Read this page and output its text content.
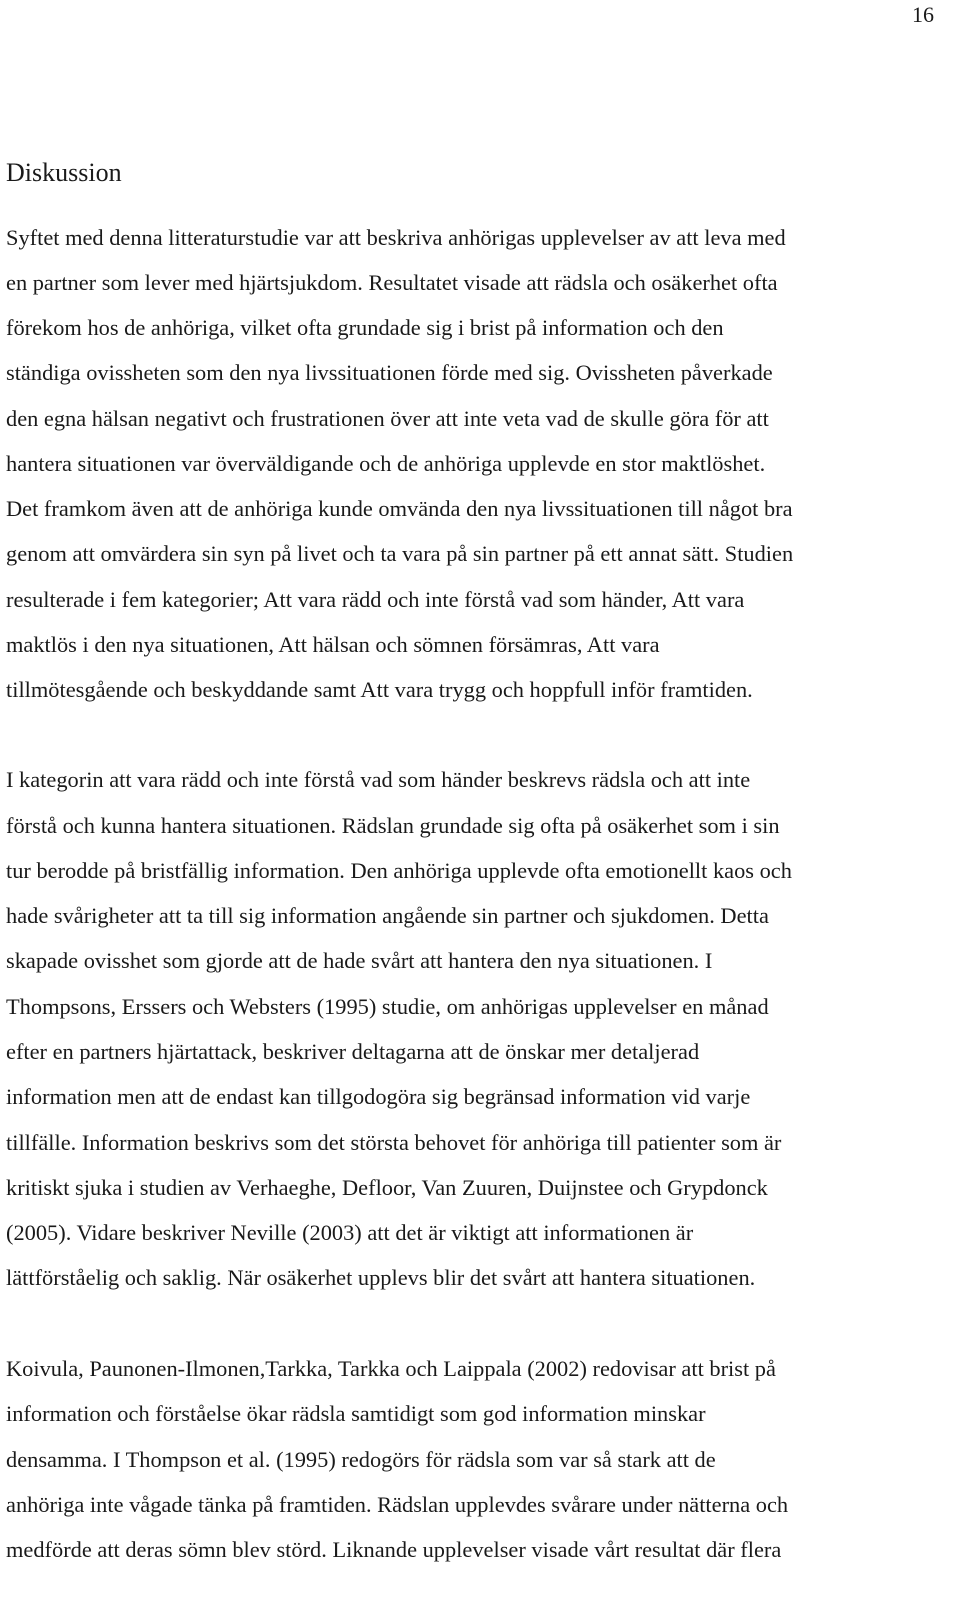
16
Diskussion

Syftet med denna litteraturstudie var att beskriva anhörigas upplevelser av att leva med

en partner som lever med hjärtsjukdom. Resultatet visade att rädsla och osäkerhet ofta

förekom hos de anhöriga, vilket ofta grundade sig i brist på information och den

ständiga ovissheten som den nya livssituationen förde med sig. Ovissheten påverkade

den egna hälsan negativt och frustrationen över att inte veta vad de skulle göra för att

hantera situationen var överväldigande och de anhöriga upplevde en stor maktlöshet.

Det framkom även att de anhöriga kunde omvända den nya livssituationen till något bra

genom att omvärdera sin syn på livet och ta vara på sin partner på ett annat sätt. Studien

resulterade i fem kategorier; Att vara rädd och inte förstå vad som händer, Att vara

maktlös i den nya situationen, Att hälsan och sömnen försämras, Att vara

tillmötesgående och beskyddande samt Att vara trygg och hoppfull inför framtiden.

I kategorin att vara rädd och inte förstå vad som händer beskrevs rädsla och att inte

förstå och kunna hantera situationen. Rädslan grundade sig ofta på osäkerhet som i sin

tur berodde på bristfällig information. Den anhöriga upplevde ofta emotionellt kaos och

hade svårigheter att ta till sig information angående sin partner och sjukdomen. Detta

skapade ovisshet som gjorde att de hade svårt att hantera den nya situationen. I

Thompsons, Erssers och Websters (1995) studie, om anhörigas upplevelser en månad

efter en partners hjärtattack, beskriver deltagarna att de önskar mer detaljerad

information men att de endast kan tillgodogöra sig begränsad information vid varje

tillfälle. Information beskrivs som det största behovet för anhöriga till patienter som är

kritiskt sjuka i studien av Verhaeghe, Defloor, Van Zuuren, Duijnstee och Grypdonck

(2005). Vidare beskriver Neville (2003) att det är viktigt att informationen är

lättförståelig och saklig. När osäkerhet upplevs blir det svårt att hantera situationen.

Koivula, Paunonen-Ilmonen,Tarkka, Tarkka och Laippala (2002) redovisar att brist på

information och förståelse ökar rädsla samtidigt som god information minskar

densamma. I Thompson et al. (1995) redogörs för rädsla som var så stark att de

anhöriga inte vågade tänka på framtiden. Rädslan upplevdes svårare under nätterna och

medförde att deras sömn blev störd. Liknande upplevelser visade vårt resultat där flera
